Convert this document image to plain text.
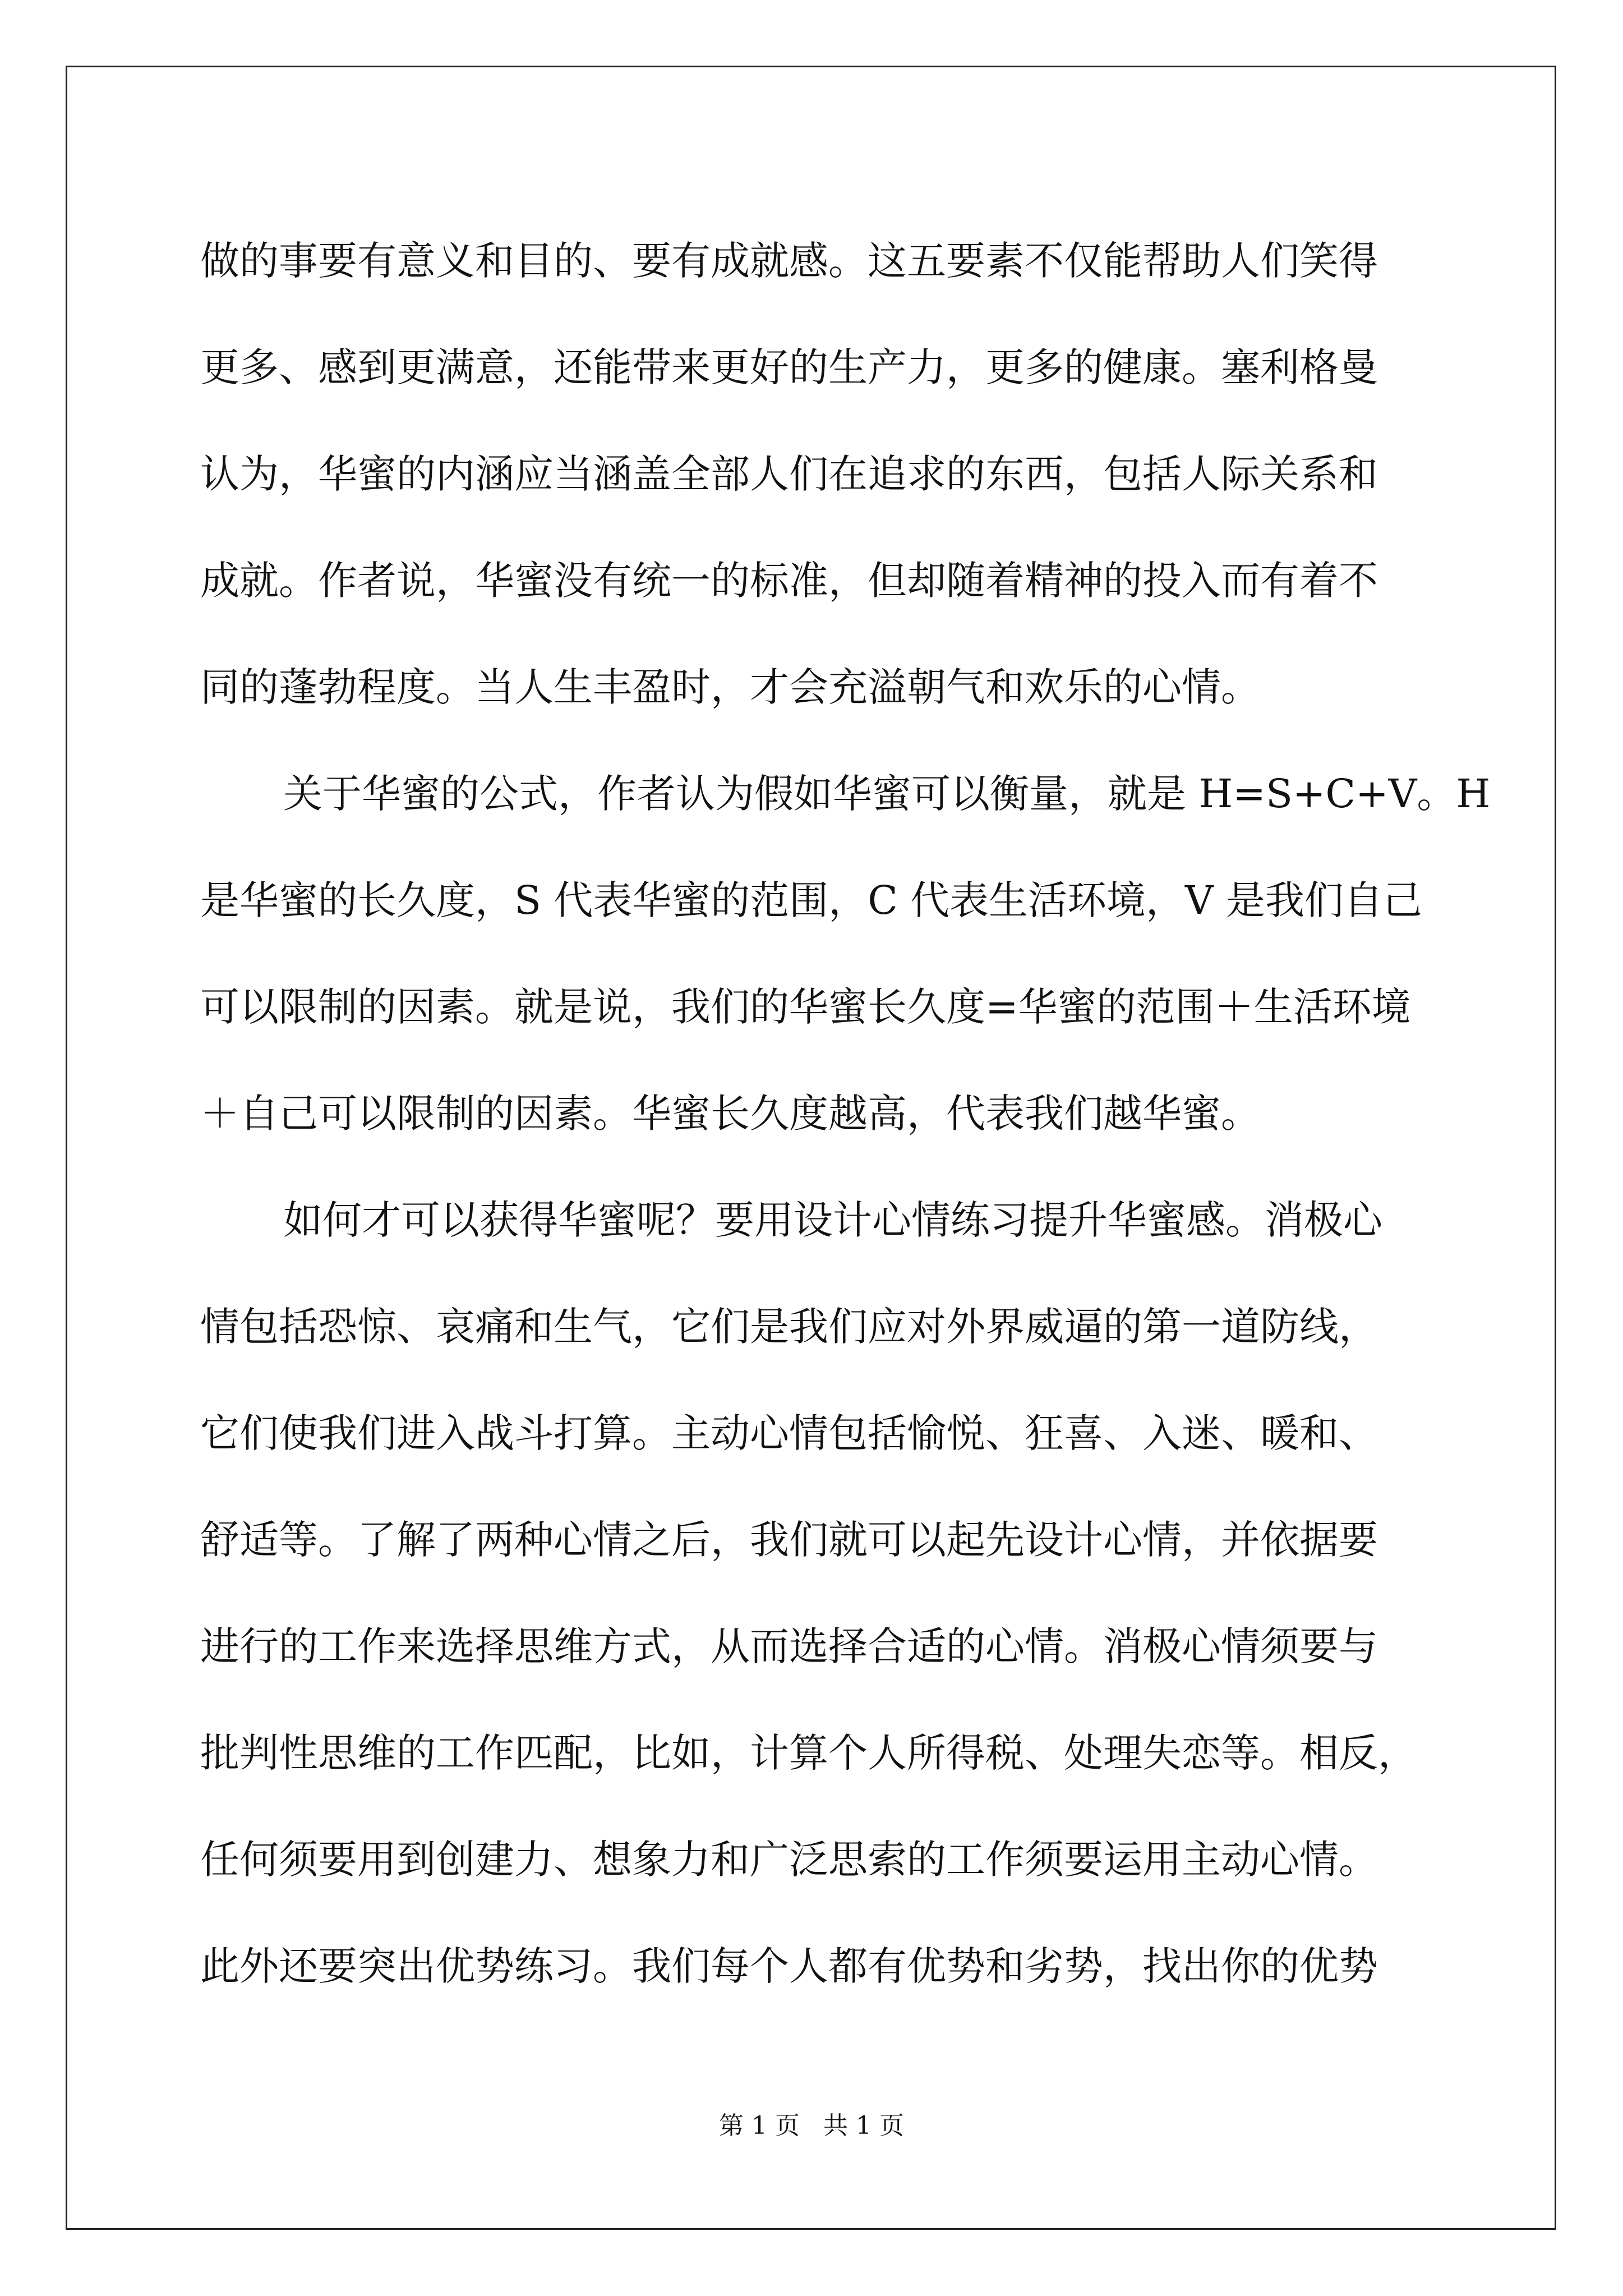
做的事要有意义和目的、要有成就感。这五要素不仅能帮助人们笑得
更多、感到更满意，还能带来更好的生产力，更多的健康。塞利格曼
认为，华蜜的内涵应当涵盖全部人们在追求的东西，包括人际关系和
成就。作者说，华蜜没有统一的标准，但却随着精神的投入而有着不
同的蓬勃程度。当人生丰盈时，才会充溢朝气和欢乐的心情。
关于华蜜的公式，作者认为假如华蜜可以衡量，就是 H=S+C+V。H
是华蜜的长久度，S 代表华蜜的范围，C 代表生活环境，V 是我们自己
可以限制的因素。就是说，我们的华蜜长久度=华蜜的范围＋生活环境
＋自己可以限制的因素。华蜜长久度越高，代表我们越华蜜。
如何才可以获得华蜜呢？要用设计心情练习提升华蜜感。消极心
情包括恐惊、哀痛和生气，它们是我们应对外界威逼的第一道防线，
它们使我们进入战斗打算。主动心情包括愉悦、狂喜、入迷、暖和、
舒适等。了解了两种心情之后，我们就可以起先设计心情，并依据要
进行的工作来选择思维方式，从而选择合适的心情。消极心情须要与
批判性思维的工作匹配，比如，计算个人所得税、处理失恋等。相反，
任何须要用到创建力、想象力和广泛思索的工作须要运用主动心情。
此外还要突出优势练习。我们每个人都有优势和劣势，找出你的优势
第 1 页   共 1 页
